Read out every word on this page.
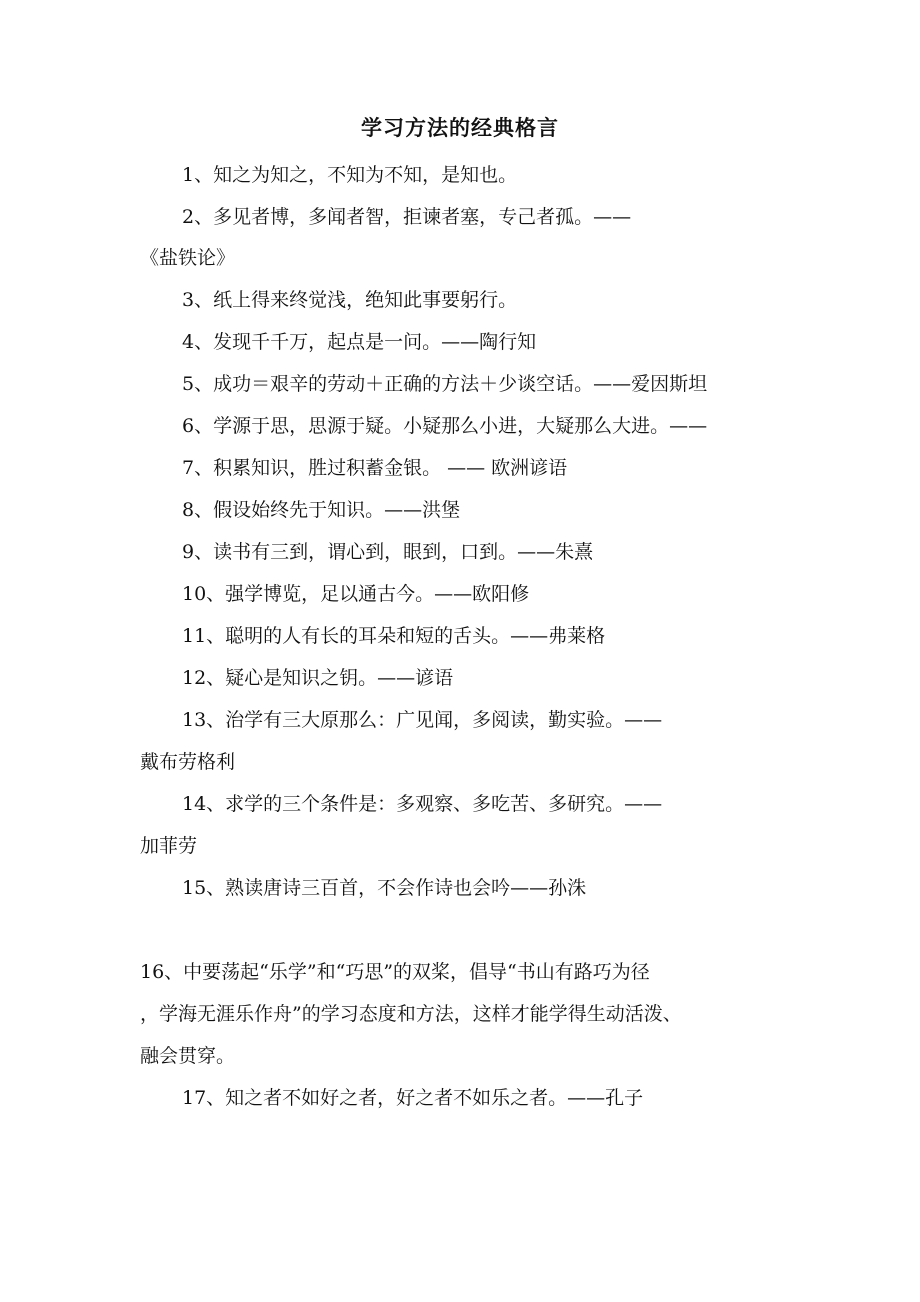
学习方法的经典格言
1、知之为知之，不知为不知，是知也。
2、多见者博，多闻者智，拒谏者塞，专己者孤。——
《盐铁论》
3、纸上得来终觉浅，绝知此事要躬行。
4、发现千千万，起点是一问。——陶行知
5、成功＝艰辛的劳动＋正确的方法＋少谈空话。——爱因斯坦
6、学源于思，思源于疑。小疑那么小进，大疑那么大进。——
7、积累知识，胜过积蓄金银。 —— 欧洲谚语
8、假设始终先于知识。——洪堡
9、读书有三到，谓心到，眼到，口到。——朱熹
10、强学博览，足以通古今。——欧阳修
11、聪明的人有长的耳朵和短的舌头。——弗莱格
12、疑心是知识之钥。——谚语
13、治学有三大原那么：广见闻，多阅读，勤实验。——
戴布劳格利
14、求学的三个条件是：多观察、多吃苦、多研究。——
加菲劳
15、熟读唐诗三百首，不会作诗也会吟——孙洙
16、中要荡起“乐学”和“巧思”的双桨，倡导“书山有路巧为径
，学海无涯乐作舟”的学习态度和方法，这样才能学得生动活泼、
融会贯穿。
17、知之者不如好之者，好之者不如乐之者。——孔子
